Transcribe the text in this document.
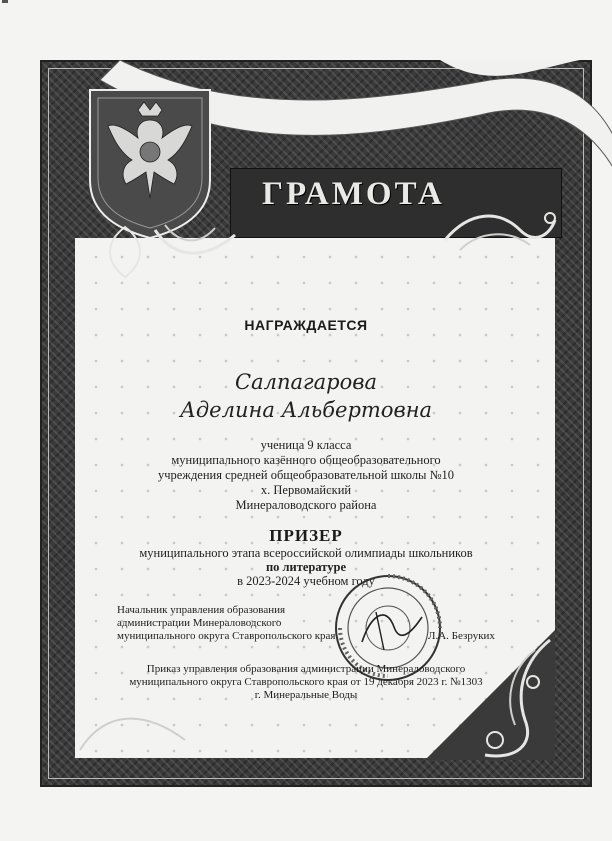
ГРАМОТА
НАГРАЖДАЕТСЯ
Салпагарова
Аделина Альбертовна
ученица 9 класса
муниципального казённого общеобразовательного
учреждения средней общеобразовательной школы №10
х. Первомайский
Минераловодского района
ПРИЗЕР
муниципального этапа всероссийской олимпиады школьников
по литературе
в 2023-2024 учебном году
Начальник управления образования
администрации Минераловодского
муниципального округа Ставропольского края	Л.А. Безруких
Приказ управления образования администрации Минераловодского
муниципального округа Ставропольского края от 19 декабря 2023 г. №1303
г. Минеральные Воды
